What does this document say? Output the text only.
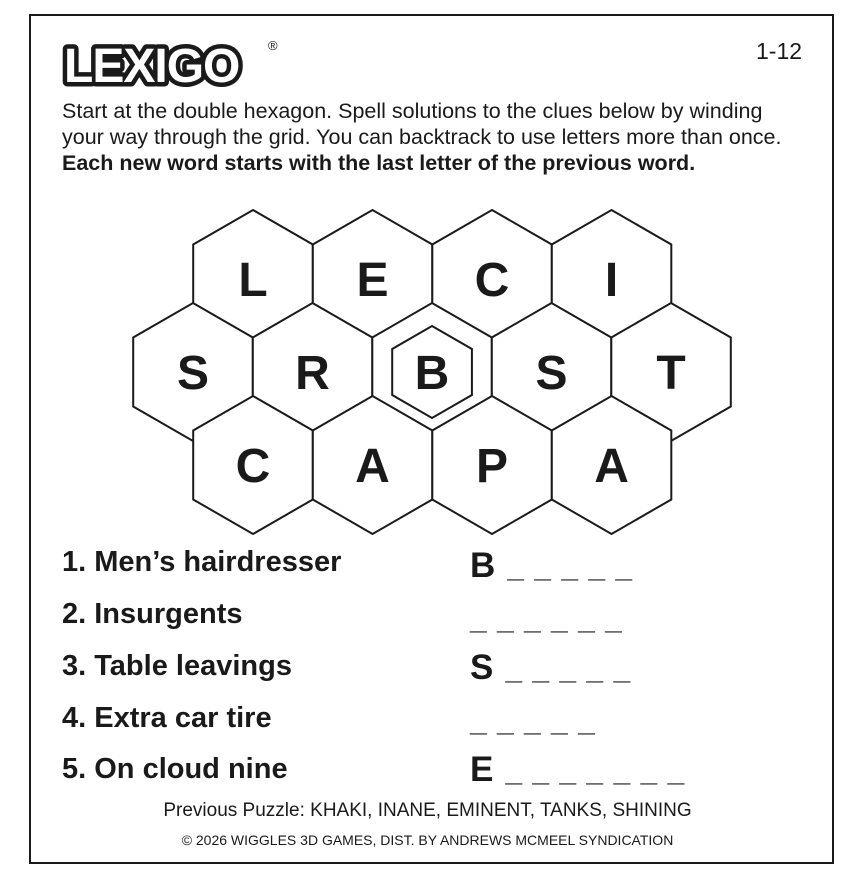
LEXIGO ®	1-12
Start at the double hexagon. Spell solutions to the clues below by winding your way through the grid. You can backtrack to use letters more than once. Each new word starts with the last letter of the previous word.
L E C I
S R B S T
C A P A
1. Men’s hairdresser	B _ _ _ _ _
2. Insurgents	_ _ _ _ _ _
3. Table leavings	S _ _ _ _ _
4. Extra car tire	_ _ _ _ _
5. On cloud nine	E _ _ _ _ _ _ _
Previous Puzzle: KHAKI, INANE, EMINENT, TANKS, SHINING
© 2026 WIGGLES 3D GAMES, DIST. BY ANDREWS MCMEEL SYNDICATION
